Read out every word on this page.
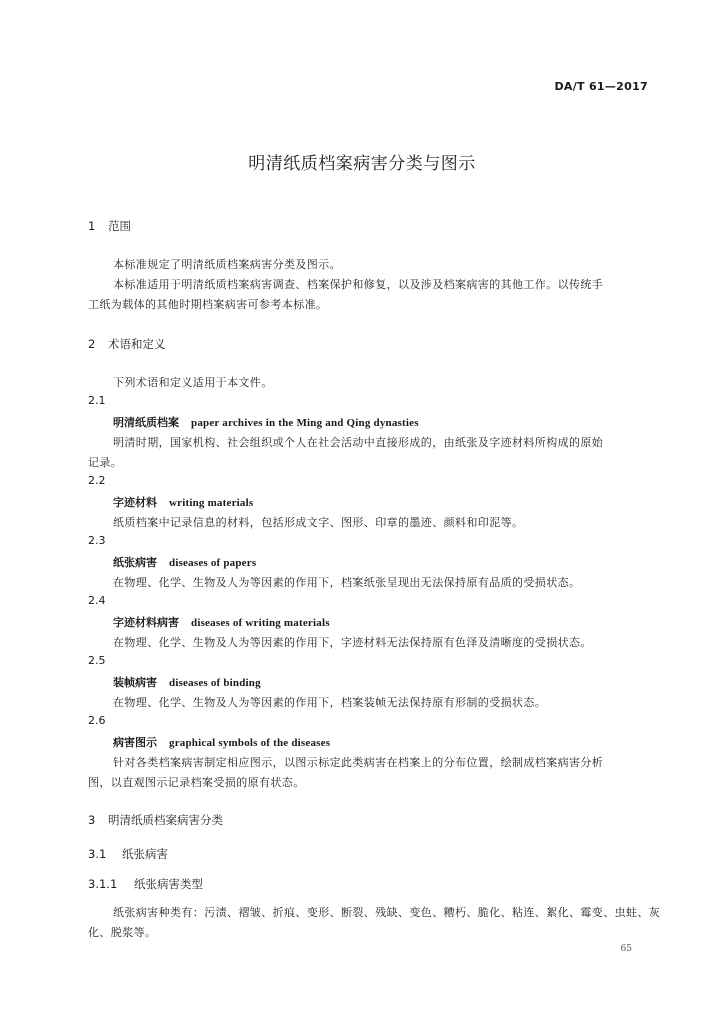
DA/T 61—2017
明清纸质档案病害分类与图示
1 范围
本标准规定了明清纸质档案病害分类及图示。
本标准适用于明清纸质档案病害调查、档案保护和修复，以及涉及档案病害的其他工作。以传统手
工纸为载体的其他时期档案病害可参考本标准。
2 术语和定义
下列术语和定义适用于本文件。
2.1
明清纸质档案 paper archives in the Ming and Qing dynasties
明清时期，国家机构、社会组织或个人在社会活动中直接形成的，由纸张及字迹材料所构成的原始
记录。
2.2
字迹材料 writing materials
纸质档案中记录信息的材料，包括形成文字、图形、印章的墨迹、颜料和印泥等。
2.3
纸张病害 diseases of papers
在物理、化学、生物及人为等因素的作用下，档案纸张呈现出无法保持原有品质的受损状态。
2.4
字迹材料病害 diseases of writing materials
在物理、化学、生物及人为等因素的作用下，字迹材料无法保持原有色泽及清晰度的受损状态。
2.5
装帧病害 diseases of binding
在物理、化学、生物及人为等因素的作用下，档案装帧无法保持原有形制的受损状态。
2.6
病害图示 graphical symbols of the diseases
针对各类档案病害制定相应图示，以图示标定此类病害在档案上的分布位置，绘制成档案病害分析
图，以直观图示记录档案受损的原有状态。
3 明清纸质档案病害分类
3.1 纸张病害
3.1.1 纸张病害类型
纸张病害种类有：污渍、褶皱、折痕、变形、断裂、残缺、变色、糟朽、脆化、粘连、絮化、霉变、虫蛀、灰
化、脱浆等。
65
